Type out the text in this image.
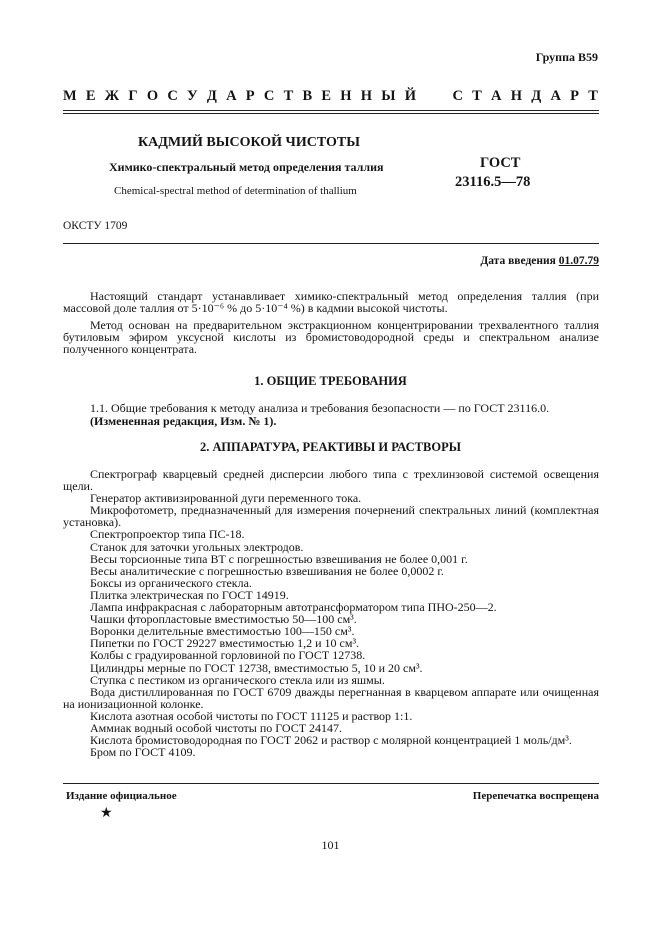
Группа В59
М Е Ж Г О С У Д А Р С Т В Е Н Н Ы Й	С Т А Н Д А Р Т
КАДМИЙ ВЫСОКОЙ ЧИСТОТЫ
Химико-спектральный метод определения таллия
Chemical-spectral method of determination of thallium
ГОСТ
23116.5—78
ОКСТУ 1709
Дата введения 01.07.79
Настоящий стандарт устанавливает химико-спектральный метод определения таллия (при массовой доле таллия от 5·10⁻⁶ % до 5·10⁻⁴ %) в кадмии высокой чистоты.
Метод основан на предварительном экстракционном концентрировании трехвалентного таллия бутиловым эфиром уксусной кислоты из бромистоводородной среды и спектральном анализе полученного концентрата.
1. ОБЩИЕ ТРЕБОВАНИЯ
1.1. Общие требования к методу анализа и требования безопасности — по ГОСТ 23116.0.
(Измененная редакция, Изм. № 1).
2. АППАРАТУРА, РЕАКТИВЫ И РАСТВОРЫ
Спектрограф кварцевый средней дисперсии любого типа с трехлинзовой системой освещения щели.
Генератор активизированной дуги переменного тока.
Микрофотометр, предназначенный для измерения почернений спектральных линий (комплектная установка).
Спектропроектор типа ПС-18.
Станок для заточки угольных электродов.
Весы торсионные типа ВТ с погрешностью взвешивания не более 0,001 г.
Весы аналитические с погрешностью взвешивания не более 0,0002 г.
Боксы из органического стекла.
Плитка электрическая по ГОСТ 14919.
Лампа инфракрасная с лабораторным автотрансформатором типа ПНО-250—2.
Чашки фторопластовые вместимостью 50—100 см³.
Воронки делительные вместимостью 100—150 см³.
Пипетки по ГОСТ 29227 вместимостью 1,2 и 10 см³.
Колбы с градуированной горловиной по ГОСТ 12738.
Цилиндры мерные по ГОСТ 12738, вместимостью 5, 10 и 20 см³.
Ступка с пестиком из органического стекла или из яшмы.
Вода дистиллированная по ГОСТ 6709 дважды перегнанная в кварцевом аппарате или очищенная на ионизационной колонке.
Кислота азотная особой чистоты по ГОСТ 11125 и раствор 1:1.
Аммиак водный особой чистоты по ГОСТ 24147.
Кислота бромистоводородная по ГОСТ 2062 и раствор с молярной концентрацией 1 моль/дм³.
Бром по ГОСТ 4109.
Издание официальное	Перепечатка воспрещена
★
101
